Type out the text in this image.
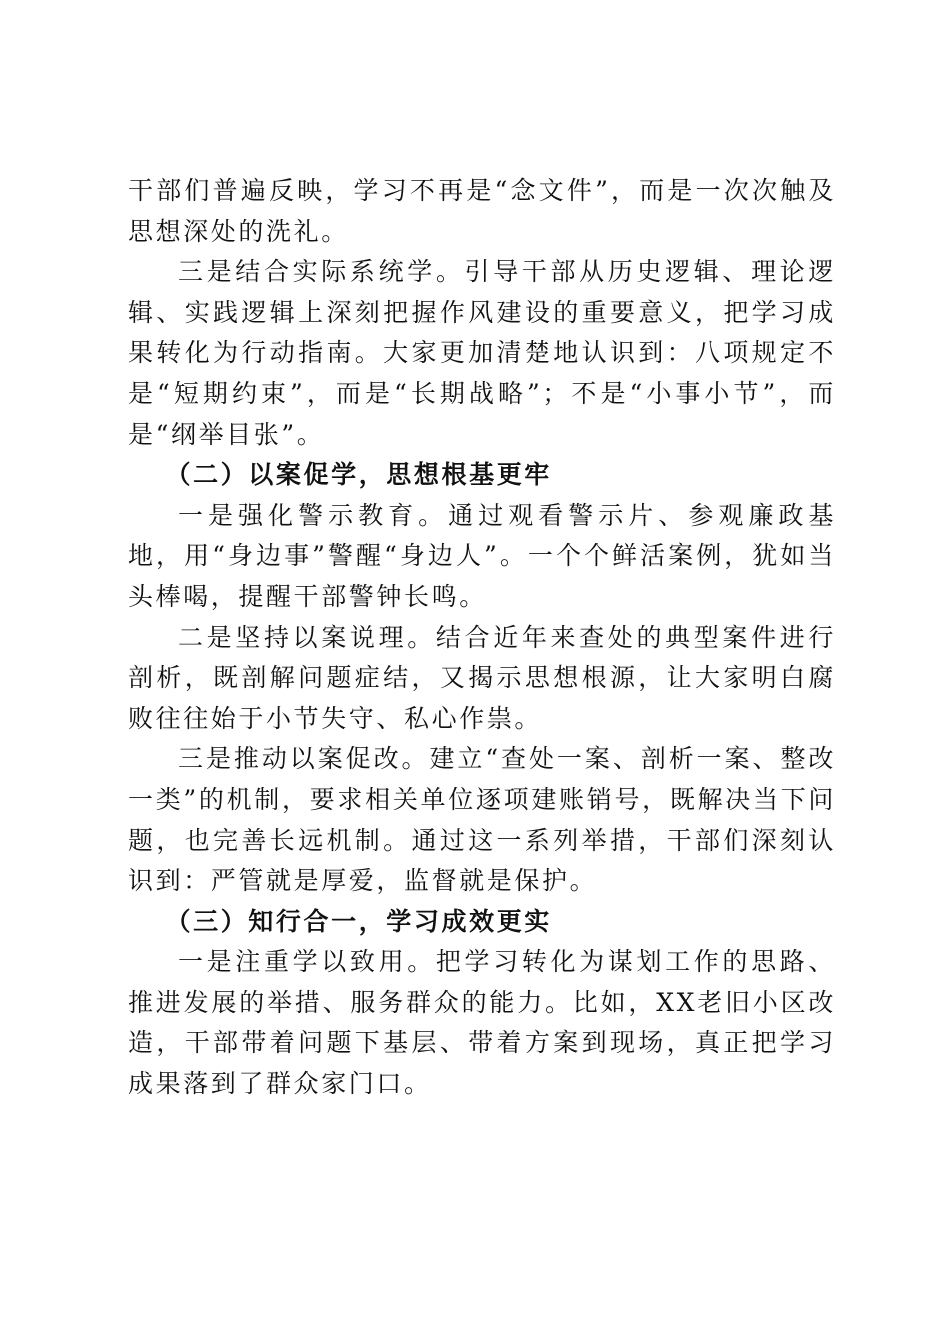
干部们普遍反映，学习不再是“念文件”，而是一次次触及思想深处的洗礼。

三是结合实际系统学。引导干部从历史逻辑、理论逻辑、实践逻辑上深刻把握作风建设的重要意义，把学习成果转化为行动指南。大家更加清楚地认识到：八项规定不是“短期约束”，而是“长期战略”；不是“小事小节”，而是“纲举目张”。

（二）以案促学，思想根基更牢

一是强化警示教育。通过观看警示片、参观廉政基地，用“身边事”警醒“身边人”。一个个鲜活案例，犹如当头棒喝，提醒干部警钟长鸣。

二是坚持以案说理。结合近年来查处的典型案件进行剖析，既剖解问题症结，又揭示思想根源，让大家明白腐败往往始于小节失守、私心作祟。

三是推动以案促改。建立“查处一案、剖析一案、整改一类”的机制，要求相关单位逐项建账销号，既解决当下问题，也完善长远机制。通过这一系列举措，干部们深刻认识到：严管就是厚爱，监督就是保护。

（三）知行合一，学习成效更实

一是注重学以致用。把学习转化为谋划工作的思路、推进发展的举措、服务群众的能力。比如，XX老旧小区改造，干部带着问题下基层、带着方案到现场，真正把学习成果落到了群众家门口。
